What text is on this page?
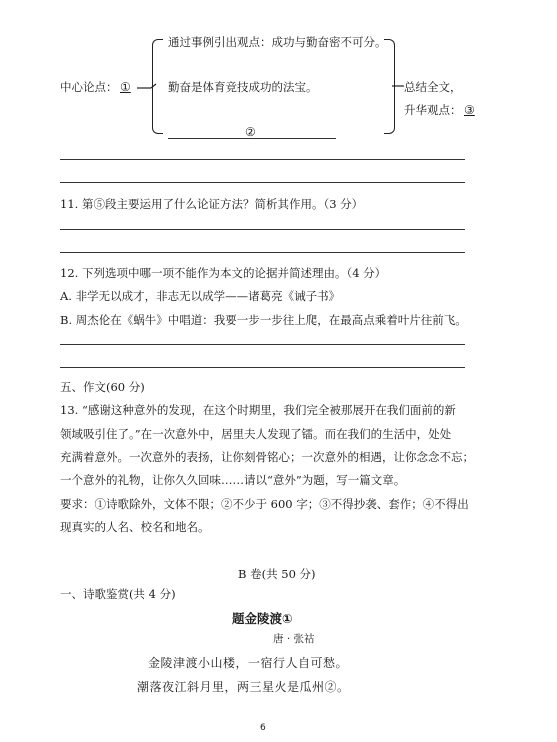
中心论点： ①
通过事例引出观点：成功与勤奋密不可分。
勤奋是体育竞技成功的法宝。
②
总结全文，
升华观点： ③
11. 第⑤段主要运用了什么论证方法？简析其作用。（3 分）
12. 下列选项中哪一项不能作为本文的论据并简述理由。（4 分）
A. 非学无以成才，非志无以成学——诸葛亮《诫子书》
B. 周杰伦在《蜗牛》中唱道：我要一步一步往上爬，在最高点乘着叶片往前飞。
五、作文(60 分)
13. “感谢这种意外的发现，在这个时期里，我们完全被那展开在我们面前的新
领域吸引住了。”在一次意外中，居里夫人发现了镭。而在我们的生活中，处处
充满着意外。一次意外的表扬，让你刻骨铭心；一次意外的相遇，让你念念不忘；
一个意外的礼物，让你久久回味……请以“意外”为题，写一篇文章。
要求：①诗歌除外，文体不限；②不少于 600 字；③不得抄袭、套作；④不得出
现真实的人名、校名和地名。
B 卷(共 50 分)
一、诗歌鉴赏(共 4 分)
题金陵渡①
唐 · 张祜
金陵津渡小山楼，一宿行人自可愁。
潮落夜江斜月里，两三星火是瓜州②。
6
